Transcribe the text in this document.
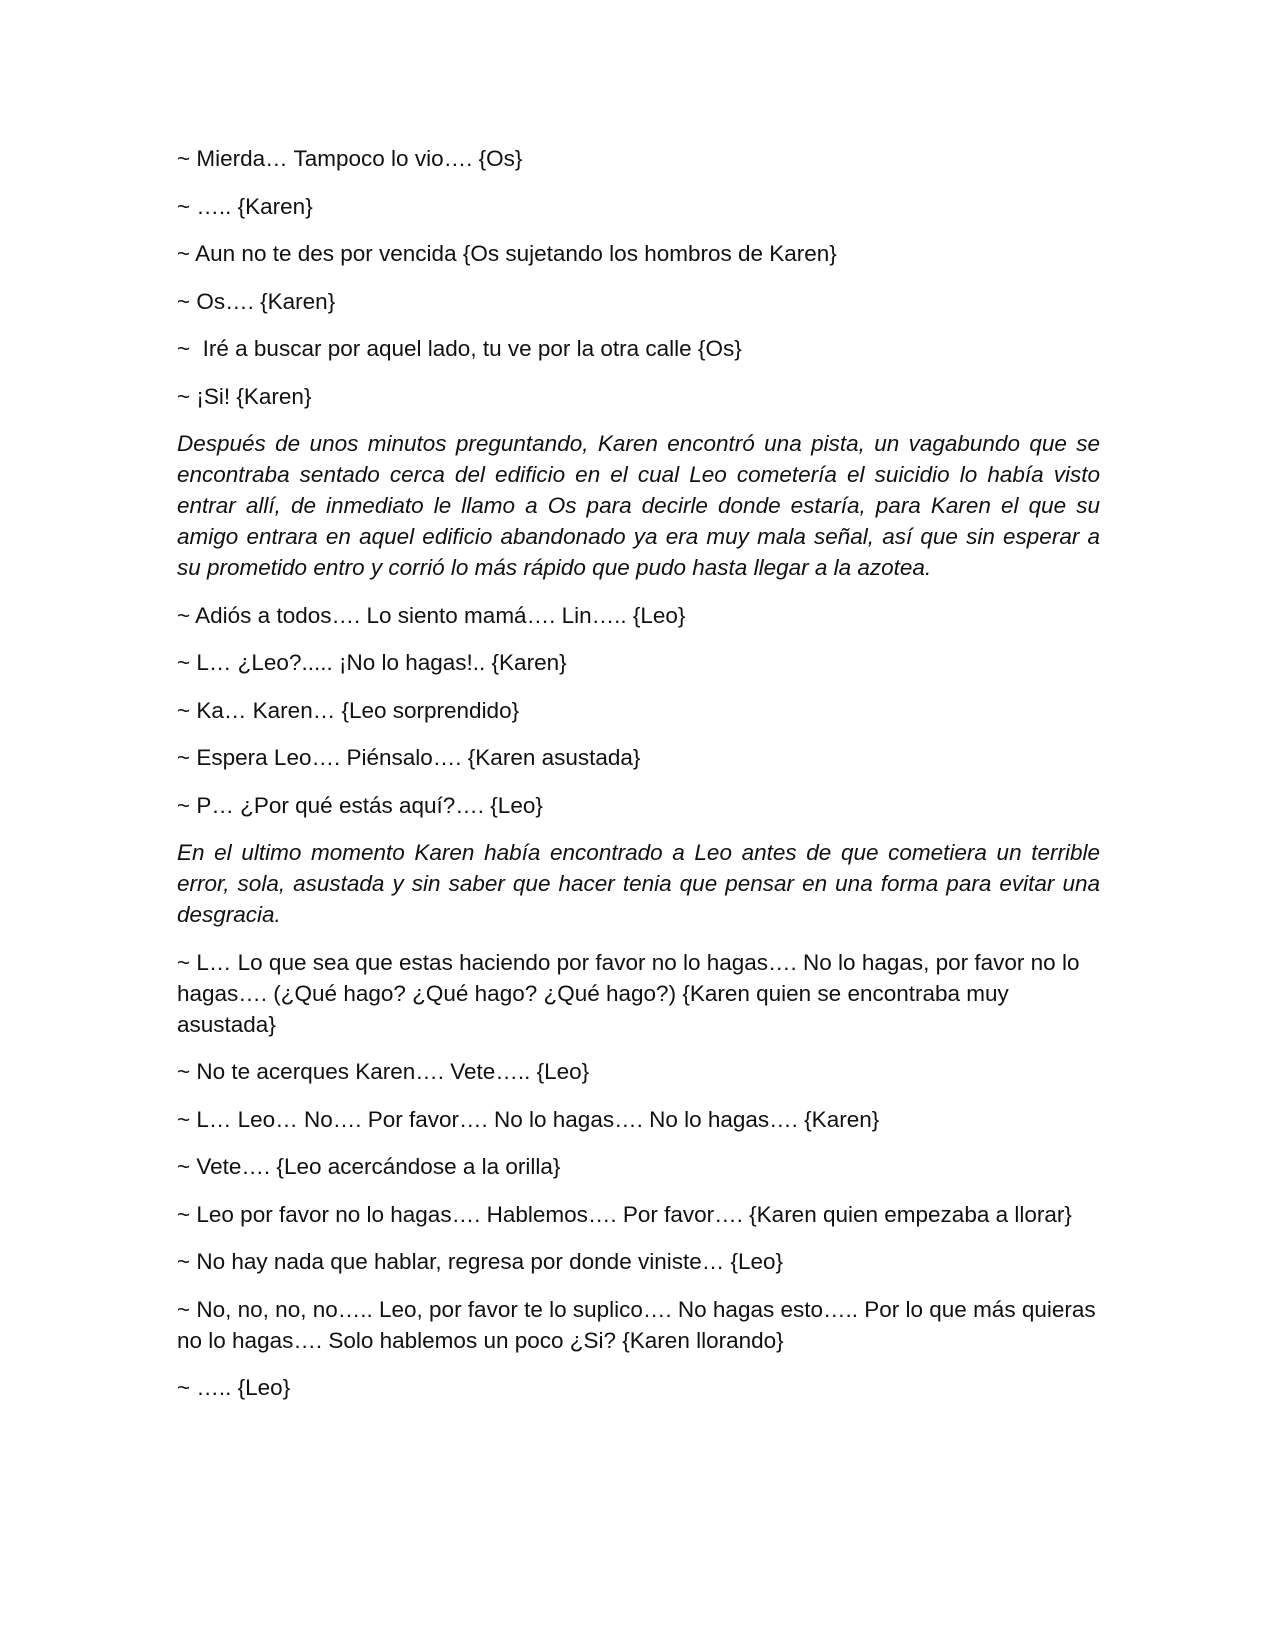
~ Mierda… Tampoco lo vio…. {Os}

~ ….. {Karen}

~ Aun no te des por vencida {Os sujetando los hombros de Karen}

~ Os…. {Karen}

~  Iré a buscar por aquel lado, tu ve por la otra calle {Os}

~ ¡Si! {Karen}

Después de unos minutos preguntando, Karen encontró una pista, un vagabundo que se encontraba sentado cerca del edificio en el cual Leo cometería el suicidio lo había visto entrar allí, de inmediato le llamo a Os para decirle donde estaría, para Karen el que su amigo entrara en aquel edificio abandonado ya era muy mala señal, así que sin esperar a su prometido entro y corrió lo más rápido que pudo hasta llegar a la azotea.

~ Adiós a todos…. Lo siento mamá…. Lin….. {Leo}

~ L… ¿Leo?..... ¡No lo hagas!.. {Karen}

~ Ka… Karen… {Leo sorprendido}

~ Espera Leo…. Piénsalo…. {Karen asustada}

~ P… ¿Por qué estás aquí?…. {Leo}

En el ultimo momento Karen había encontrado a Leo antes de que cometiera un terrible error, sola, asustada y sin saber que hacer tenia que pensar en una forma para evitar una desgracia.

~ L… Lo que sea que estas haciendo por favor no lo hagas…. No lo hagas, por favor no lo hagas…. (¿Qué hago? ¿Qué hago? ¿Qué hago?) {Karen quien se encontraba muy asustada}

~ No te acerques Karen…. Vete….. {Leo}

~ L… Leo… No…. Por favor…. No lo hagas…. No lo hagas…. {Karen}

~ Vete…. {Leo acercándose a la orilla}

~ Leo por favor no lo hagas…. Hablemos…. Por favor…. {Karen quien empezaba a llorar}

~ No hay nada que hablar, regresa por donde viniste… {Leo}

~ No, no, no, no….. Leo, por favor te lo suplico…. No hagas esto….. Por lo que más quieras no lo hagas…. Solo hablemos un poco ¿Si? {Karen llorando}

~ ….. {Leo}
